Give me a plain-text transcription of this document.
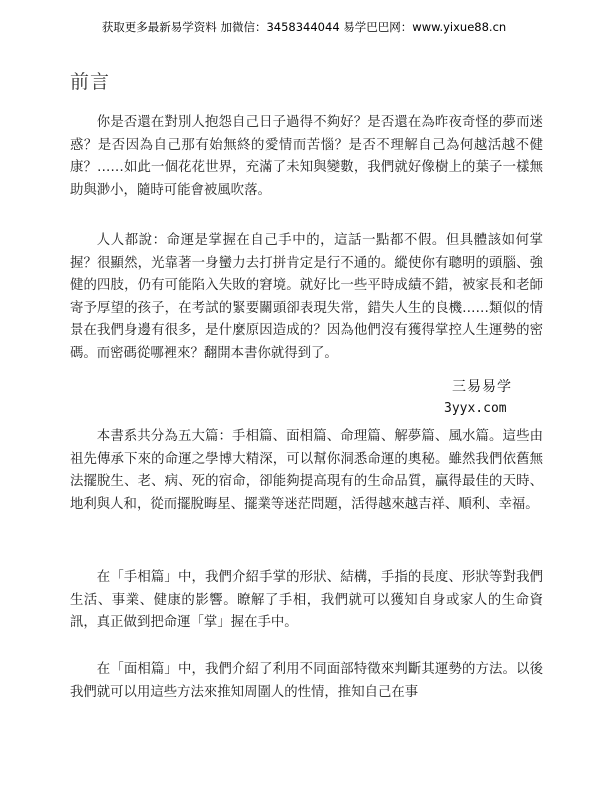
获取更多最新易学资料 加微信：3458344044 易学巴巴网：www.yixue88.cn
前言

你是否還在對別人抱怨自己日子過得不夠好？是否還在為昨夜奇怪的夢而迷惑？是否因為自己那有始無終的愛情而苦惱？是否不理解自己為何越活越不健康？……如此一個花花世界，充滿了未知與變數，我們就好像樹上的葉子一樣無助與渺小，隨時可能會被風吹落。

人人都說：命運是掌握在自己手中的，這話一點都不假。但具體該如何掌握？很顯然，光靠著一身蠻力去打拼肯定是行不通的。縱使你有聰明的頭腦、強健的四肢，仍有可能陷入失敗的窘境。就好比一些平時成績不錯，被家長和老師寄予厚望的孩子，在考試的緊要關頭卻表現失常，錯失人生的良機……類似的情景在我們身邊有很多，是什麼原因造成的？因為他們沒有獲得掌控人生運勢的密碼。而密碼從哪裡來？翻開本書你就得到了。

本書系共分為五大篇：手相篇、面相篇、命理篇、解夢篇、風水篇。這些由祖先傳承下來的命運之學博大精深，可以幫你洞悉命運的奧秘。雖然我們依舊無法擺脫生、老、病、死的宿命，卻能夠提高現有的生命品質，贏得最佳的天時、地利與人和，從而擺脫晦星、擺業等迷茫問題，活得越來越吉祥、順利、幸福。

在「手相篇」中，我們介紹手掌的形狀、結構，手指的長度、形狀等對我們生活、事業、健康的影響。瞭解了手相，我們就可以獲知自身或家人的生命資訊，真正做到把命運「掌」握在手中。

在「面相篇」中，我們介紹了利用不同面部特徵來判斷其運勢的方法。以後我們就可以用這些方法來推知周圍人的性情，推知自己在事

三易易学
3yyx.com
